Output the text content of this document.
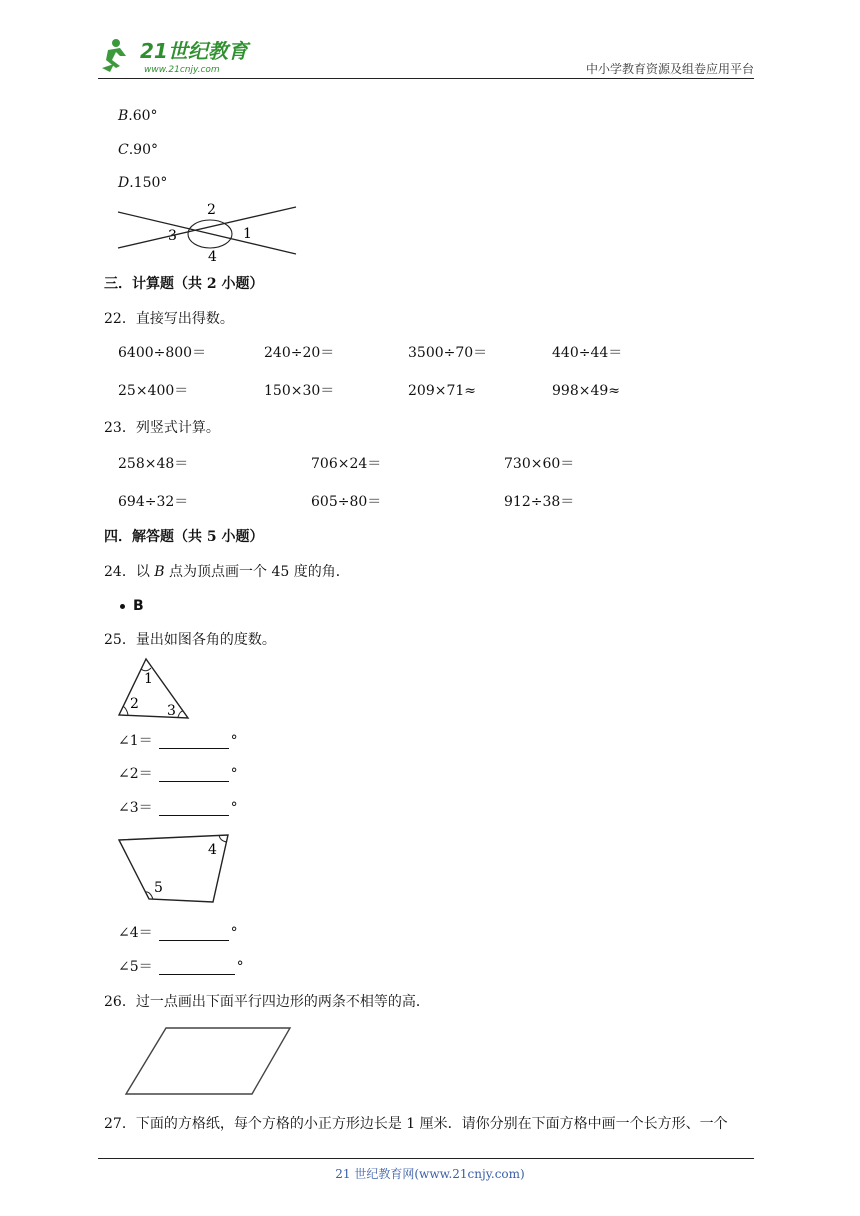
21世纪教育
www.21cnjy.com	中小学教育资源及组卷应用平台
B.60°
C.90°
D.150°
2
3	1
4
三．计算题（共 2 小题）
22．直接写出得数。
6400÷800＝	240÷20＝	3500÷70＝	440÷44＝
25×400＝	150×30＝	209×71≈	998×49≈
23．列竖式计算。
258×48＝	706×24＝	730×60＝
694÷32＝	605÷80＝	912÷38＝
四．解答题（共 5 小题）
24．以 B 点为顶点画一个 45 度的角．
B
25．量出如图各角的度数。
1
2 3
∠1＝	°
∠2＝	°
∠3＝	°
4
5
∠4＝	°
∠5＝	°
26．过一点画出下面平行四边形的两条不相等的高．
27．下面的方格纸，每个方格的小正方形边长是 1 厘米．请你分别在下面方格中画一个长方形、一个
21 世纪教育网(www.21cnjy.com)
